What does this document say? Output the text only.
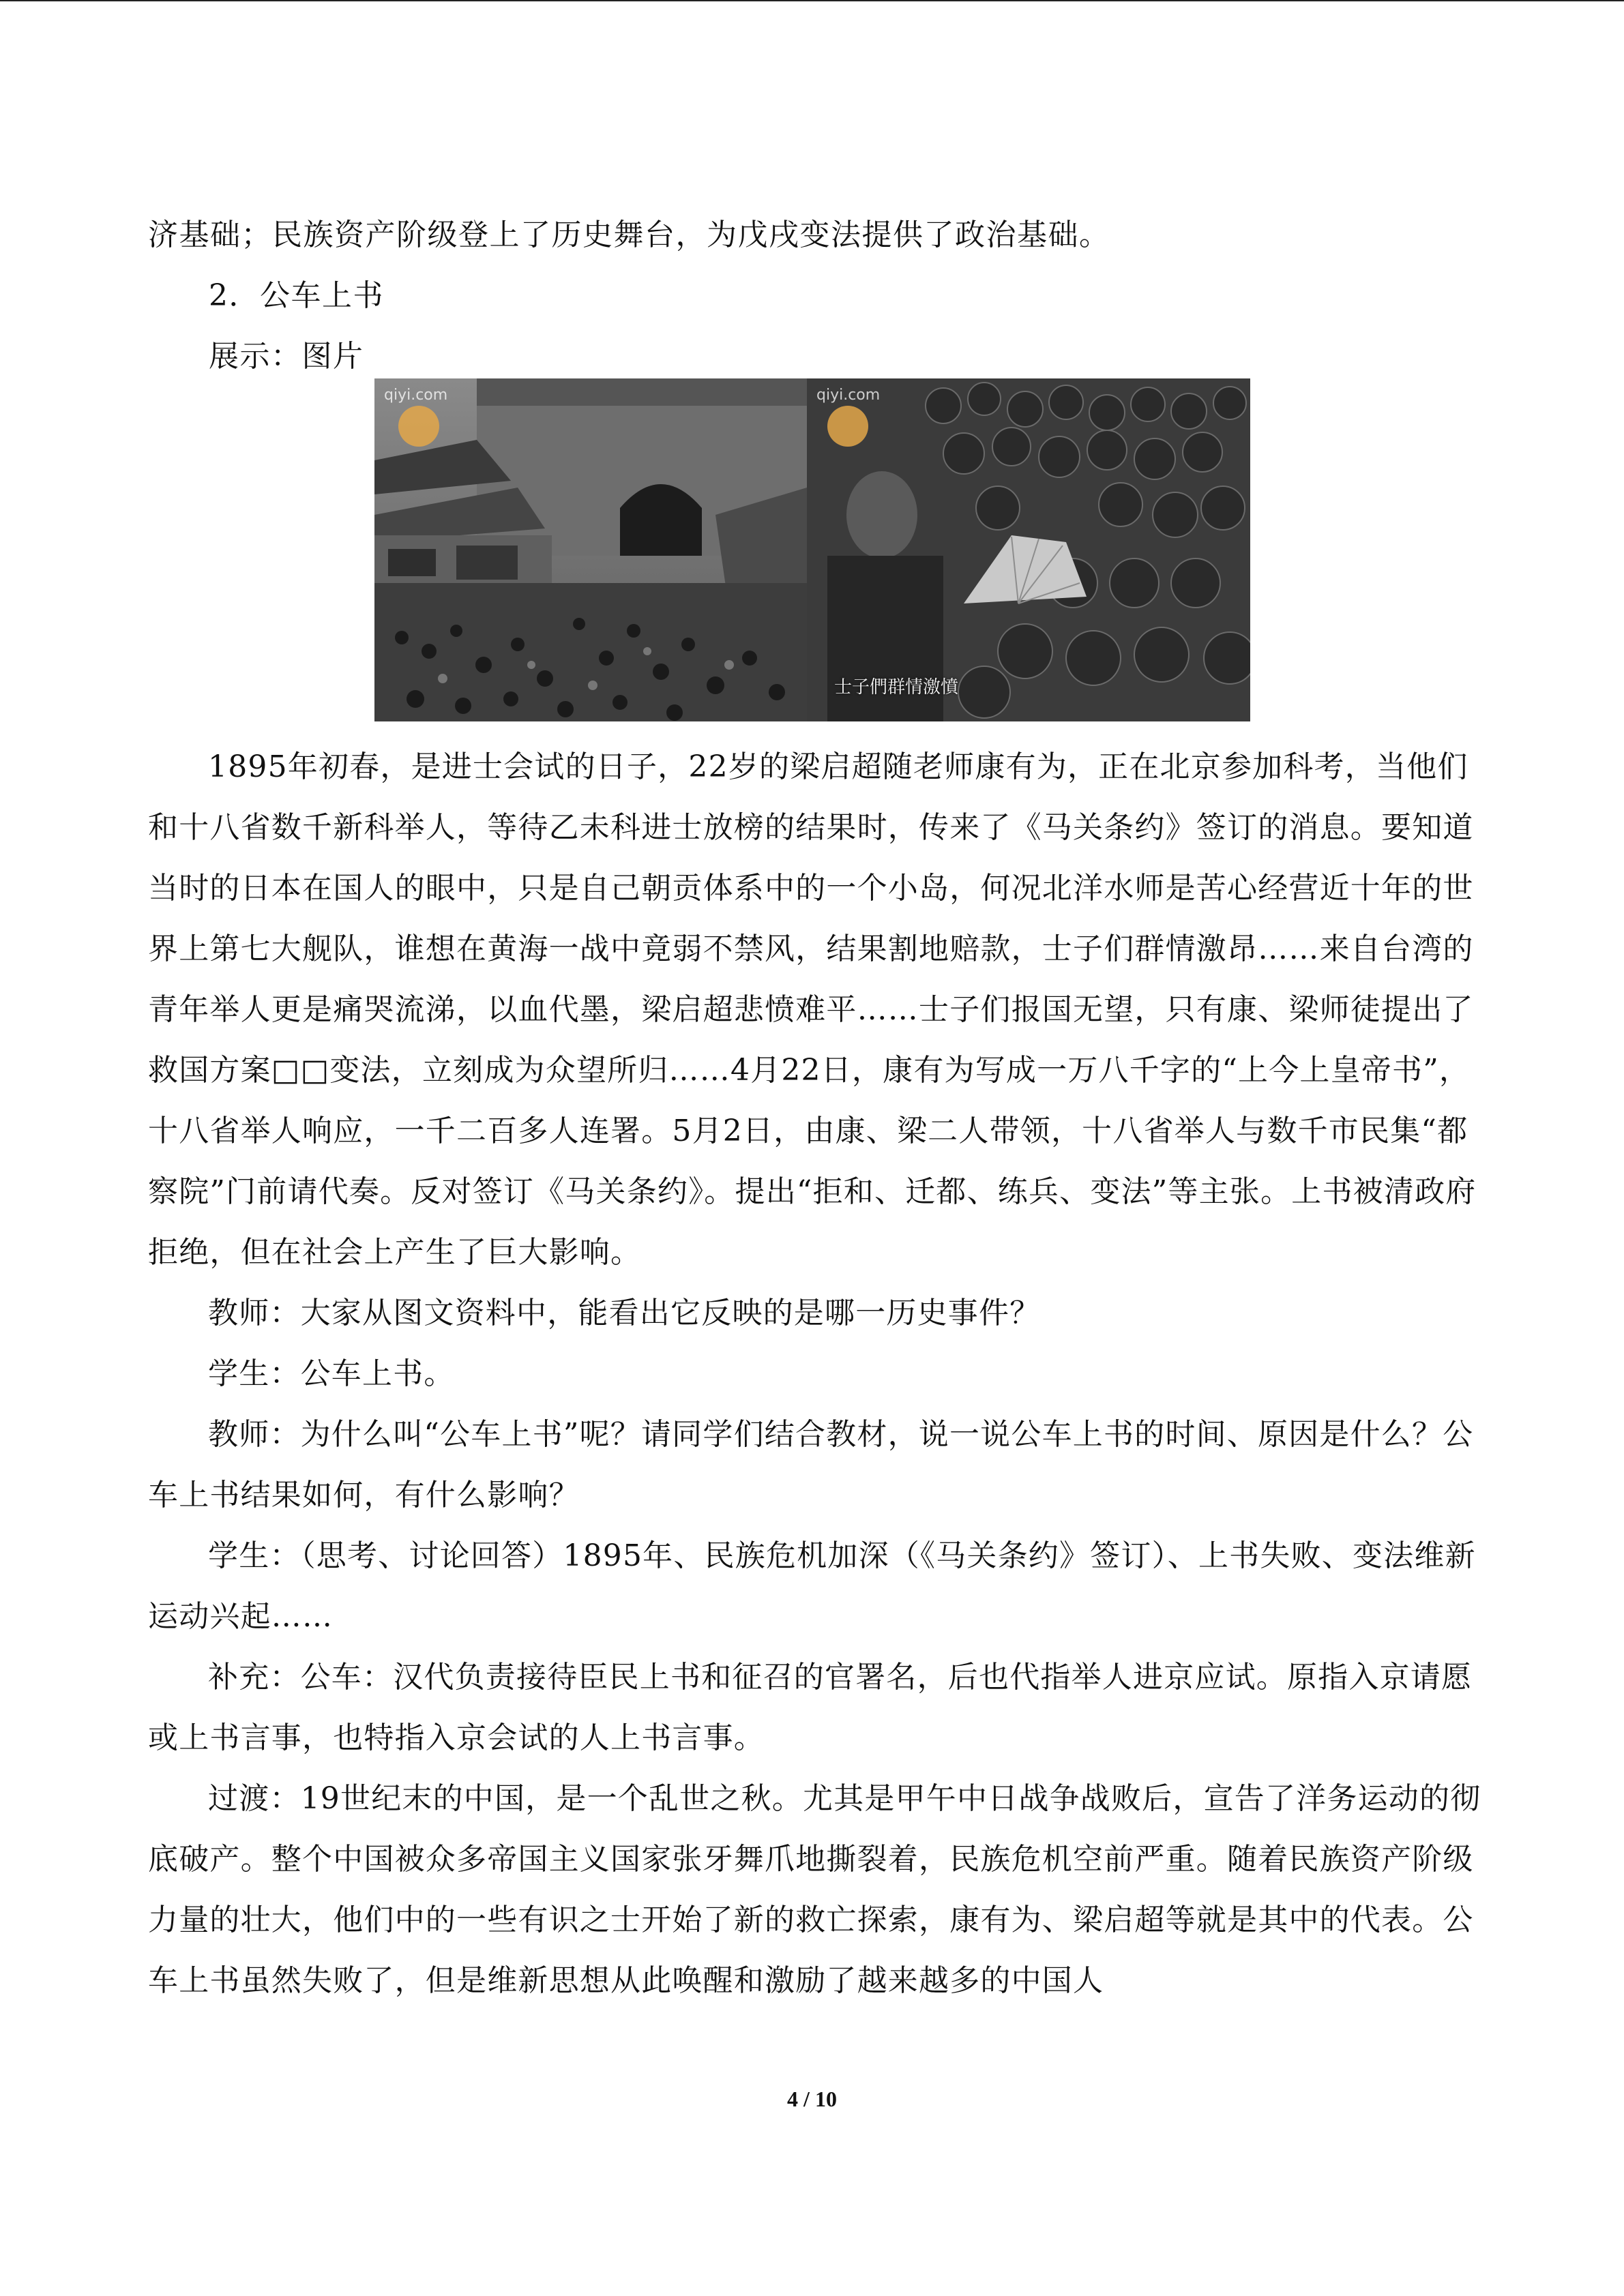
济基础；民族资产阶级登上了历史舞台，为戊戌变法提供了政治基础。

2．公车上书

展示：图片

qiyi.com	qiyi.com
士子們群情激憤

1895年初春，是进士会试的日子，22岁的梁启超随老师康有为，正在北京参加科考，当他们和十八省数千新科举人，等待乙未科进士放榜的结果时，传来了《马关条约》签订的消息。要知道当时的日本在国人的眼中，只是自己朝贡体系中的一个小岛，何况北洋水师是苦心经营近十年的世界上第七大舰队，谁想在黄海一战中竟弱不禁风，结果割地赔款，士子们群情激昂……来自台湾的青年举人更是痛哭流涕，以血代墨，梁启超悲愤难平……士子们报国无望，只有康、梁师徒提出了救国方案□□变法，立刻成为众望所归……4月22日，康有为写成一万八千字的“上今上皇帝书”，十八省举人响应，一千二百多人连署。5月2日，由康、梁二人带领，十八省举人与数千市民集“都察院”门前请代奏。反对签订《马关条约》。提出“拒和、迁都、练兵、变法”等主张。上书被清政府拒绝，但在社会上产生了巨大影响。

教师：大家从图文资料中，能看出它反映的是哪一历史事件？

学生：公车上书。

教师：为什么叫“公车上书”呢？请同学们结合教材，说一说公车上书的时间、原因是什么？公车上书结果如何，有什么影响？

学生：（思考、讨论回答）1895年、民族危机加深（《马关条约》签订）、上书失败、变法维新运动兴起……

补充：公车：汉代负责接待臣民上书和征召的官署名，后也代指举人进京应试。原指入京请愿或上书言事，也特指入京会试的人上书言事。

过渡：19世纪末的中国，是一个乱世之秋。尤其是甲午中日战争战败后，宣告了洋务运动的彻底破产。整个中国被众多帝国主义国家张牙舞爪地撕裂着，民族危机空前严重。随着民族资产阶级力量的壮大，他们中的一些有识之士开始了新的救亡探索，康有为、梁启超等就是其中的代表。公车上书虽然失败了，但是维新思想从此唤醒和激励了越来越多的中国人

4 / 10
